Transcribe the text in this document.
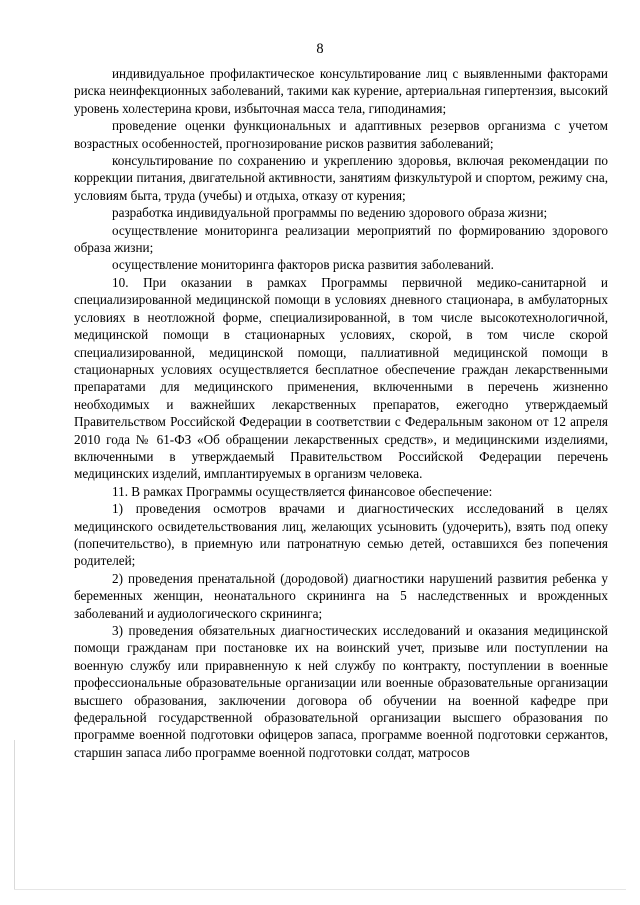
8

индивидуальное профилактическое консультирование лиц с выявленными факторами риска неинфекционных заболеваний, такими как курение, артериальная гипертензия, высокий уровень холестерина крови, избыточная масса тела, гиподинамия;

проведение оценки функциональных и адаптивных резервов организма с учетом возрастных особенностей, прогнозирование рисков развития заболеваний;

консультирование по сохранению и укреплению здоровья, включая рекомендации по коррекции питания, двигательной активности, занятиям физкультурой и спортом, режиму сна, условиям быта, труда (учебы) и отдыха, отказу от курения;

разработка индивидуальной программы по ведению здорового образа жизни;

осуществление мониторинга реализации мероприятий по формированию здорового образа жизни;

осуществление мониторинга факторов риска развития заболеваний.

10. При оказании в рамках Программы первичной медико-санитарной и специализированной медицинской помощи в условиях дневного стационара, в амбулаторных условиях в неотложной форме, специализированной, в том числе высокотехнологичной, медицинской помощи в стационарных условиях, скорой, в том числе скорой специализированной, медицинской помощи, паллиативной медицинской помощи в стационарных условиях осуществляется бесплатное обеспечение граждан лекарственными препаратами для медицинского применения, включенными в перечень жизненно необходимых и важнейших лекарственных препаратов, ежегодно утверждаемый Правительством Российской Федерации в соответствии с Федеральным законом от 12 апреля 2010 года № 61-ФЗ «Об обращении лекарственных средств», и медицинскими изделиями, включенными в утверждаемый Правительством Российской Федерации перечень медицинских изделий, имплантируемых в организм человека.

11. В рамках Программы осуществляется финансовое обеспечение:

1) проведения осмотров врачами и диагностических исследований в целях медицинского освидетельствования лиц, желающих усыновить (удочерить), взять под опеку (попечительство), в приемную или патронатную семью детей, оставшихся без попечения родителей;

2) проведения пренатальной (дородовой) диагностики нарушений развития ребенка у беременных женщин, неонатального скрининга на 5 наследственных и врожденных заболеваний и аудиологического скрининга;

3) проведения обязательных диагностических исследований и оказания медицинской помощи гражданам при постановке их на воинский учет, призыве или поступлении на военную службу или приравненную к ней службу по контракту, поступлении в военные профессиональные образовательные организации или военные образовательные организации высшего образования, заключении договора об обучении на военной кафедре при федеральной государственной образовательной организации высшего образования по программе военной подготовки офицеров запаса, программе военной подготовки сержантов, старшин запаса либо программе военной подготовки солдат, матросов
